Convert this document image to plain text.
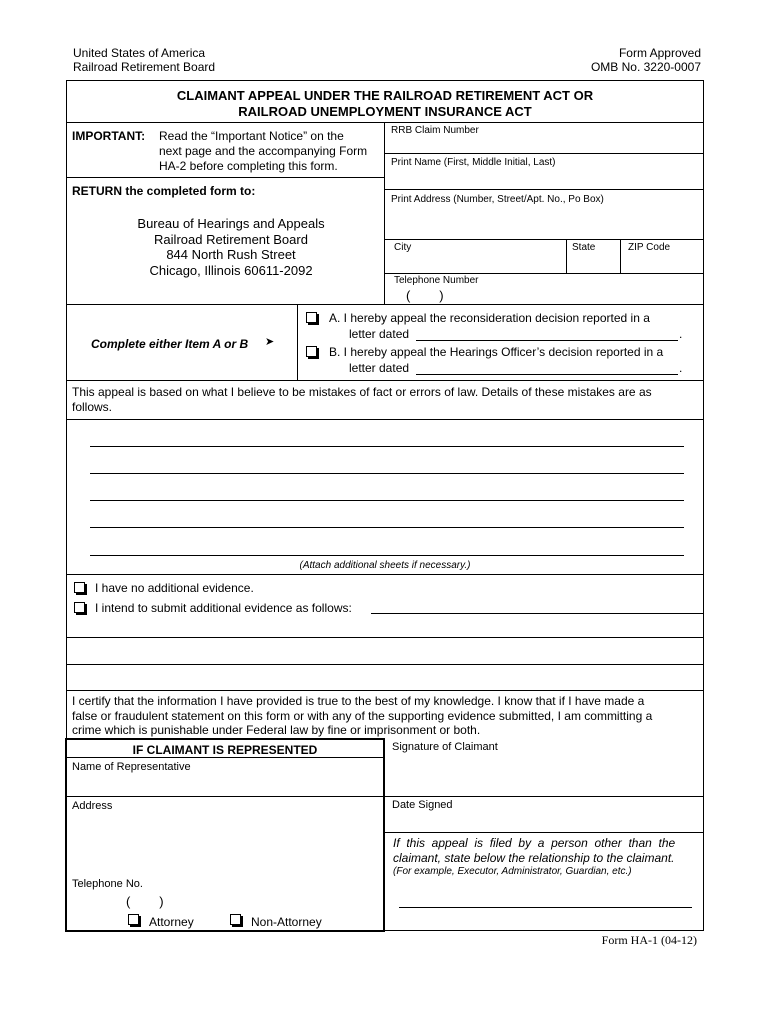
United States of America
Railroad Retirement Board
Form Approved
OMB No. 3220-0007
CLAIMANT APPEAL UNDER THE RAILROAD RETIREMENT ACT OR
RAILROAD UNEMPLOYMENT INSURANCE ACT
IMPORTANT: Read the “Important Notice” on the
next page and the accompanying Form
HA-2 before completing this form.
RETURN the completed form to:
Bureau of Hearings and Appeals
Railroad Retirement Board
844 North Rush Street
Chicago, Illinois 60611-2092
RRB Claim Number
Print Name (First, Middle Initial, Last)
Print Address (Number, Street/Apt. No., Po Box)
City	State	ZIP Code
Telephone Number
(        )
Complete either Item A or B ➤
A. I hereby appeal the reconsideration decision reported in a
letter dated	.
B. I hereby appeal the Hearings Officer’s decision reported in a
letter dated	.
This appeal is based on what I believe to be mistakes of fact or errors of law. Details of these mistakes are as
follows.
(Attach additional sheets if necessary.)
I have no additional evidence.
I intend to submit additional evidence as follows:
I certify that the information I have provided is true to the best of my knowledge. I know that if I have made a
false or fraudulent statement on this form or with any of the supporting evidence submitted, I am committing a
crime which is punishable under Federal law by fine or imprisonment or both.
IF CLAIMANT IS REPRESENTED
Name of Representative
Address
Telephone No.
(        )
Attorney	Non-Attorney
Signature of Claimant
Date Signed
If  this  appeal  is  filed  by  a  person  other  than  the
claimant, state below the relationship to the claimant.
(For example, Executor, Administrator, Guardian, etc.)
Form HA-1 (04-12)
